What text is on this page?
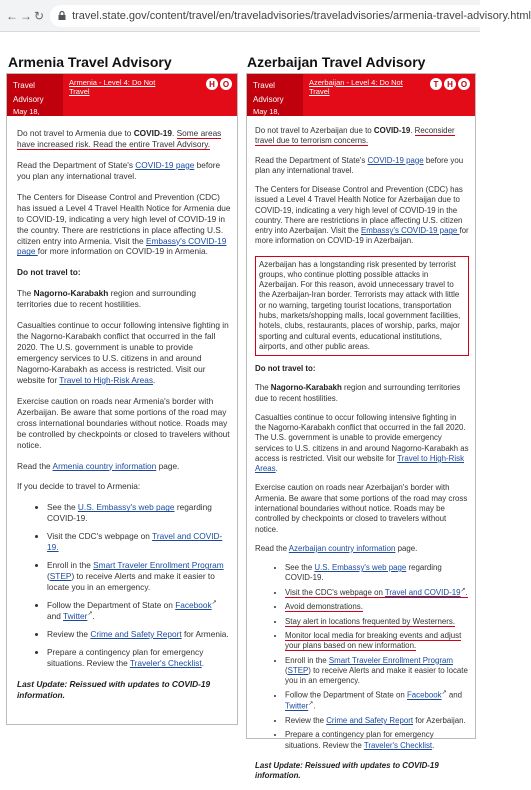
← → ↻	travel.state.gov/content/travel/en/traveladvisories/traveladvisories/armenia-travel-advisory.html
Armenia Travel Advisory
Travel Advisory
May 18, 2021
Armenia - Level 4: Do Not Travel
H O

Do not travel to Armenia due to COVID-19. Some areas have increased risk. Read the entire Travel Advisory.

Read the Department of State's COVID-19 page before you plan any international travel.

The Centers for Disease Control and Prevention (CDC) has issued a Level 4 Travel Health Notice for Armenia due to COVID-19, indicating a very high level of COVID-19 in the country. There are restrictions in place affecting U.S. citizen entry into Armenia. Visit the Embassy's COVID-19 page for more information on COVID-19 in Armenia.

Do not travel to:

The Nagorno-Karabakh region and surrounding territories due to recent hostilities.

Casualties continue to occur following intensive fighting in the Nagorno-Karabakh conflict that occurred in the fall 2020. The U.S. government is unable to provide emergency services to U.S. citizens in and around Nagorno-Karabakh as access is restricted. Visit our website for Travel to High-Risk Areas.

Exercise caution on roads near Armenia's border with Azerbaijan. Be aware that some portions of the road may cross international boundaries without notice. Roads may be controlled by checkpoints or closed to travelers without notice.

Read the Armenia country information page.

If you decide to travel to Armenia:

• See the U.S. Embassy's web page regarding COVID-19.
• Visit the CDC's webpage on Travel and COVID-19.
• Enroll in the Smart Traveler Enrollment Program (STEP) to receive Alerts and make it easier to locate you in an emergency.
• Follow the Department of State on Facebook↗ and Twitter↗.
• Review the Crime and Safety Report for Armenia.
• Prepare a contingency plan for emergency situations. Review the Traveler's Checklist.

Last Update: Reissued with updates to COVID-19 information.

Azerbaijan Travel Advisory
Travel Advisory
May 18, 2021
Azerbaijan - Level 4: Do Not Travel
T	H O

Do not travel to Azerbaijan due to COVID-19. Reconsider travel due to terrorism concerns.

Read the Department of State's COVID-19 page before you plan any international travel.

The Centers for Disease Control and Prevention (CDC) has issued a Level 4 Travel Health Notice for Azerbaijan due to COVID-19, indicating a very high level of COVID-19 in the country. There are restrictions in place affecting U.S. citizen entry into Azerbaijan. Visit the Embassy's COVID-19 page for more information on COVID-19 in Azerbaijan.

Azerbaijan has a longstanding risk presented by terrorist groups, who continue plotting possible attacks in Azerbaijan. For this reason, avoid unnecessary travel to the Azerbaijan-Iran border. Terrorists may attack with little or no warning, targeting tourist locations, transportation hubs, markets/shopping malls, local government facilities, hotels, clubs, restaurants, places of worship, parks, major sporting and cultural events, educational institutions, airports, and other public areas.

Do not travel to:

The Nagorno-Karabakh region and surrounding territories due to recent hostilities.

Casualties continue to occur following intensive fighting in the Nagorno-Karabakh conflict that occurred in the fall 2020. The U.S. government is unable to provide emergency services to U.S. citizens in and around Nagorno-Karabakh as access is restricted. Visit our website for Travel to High-Risk Areas.

Exercise caution on roads near Azerbaijan's border with Armenia. Be aware that some portions of the road may cross international boundaries without notice. Roads may be controlled by checkpoints or closed to travelers without notice.

Read the Azerbaijan country information page.

• See the U.S. Embassy's web page regarding COVID-19.
• Visit the CDC's webpage on Travel and COVID-19↗.
• Avoid demonstrations.
• Stay alert in locations frequented by Westerners.
• Monitor local media for breaking events and adjust your plans based on new information.
• Enroll in the Smart Traveler Enrollment Program (STEP) to receive Alerts and make it easier to locate you in an emergency.
• Follow the Department of State on Facebook↗ and Twitter↗.
• Review the Crime and Safety Report for Azerbaijan.
• Prepare a contingency plan for emergency situations. Review the Traveler's Checklist.

Last Update: Reissued with updates to COVID-19 information.
